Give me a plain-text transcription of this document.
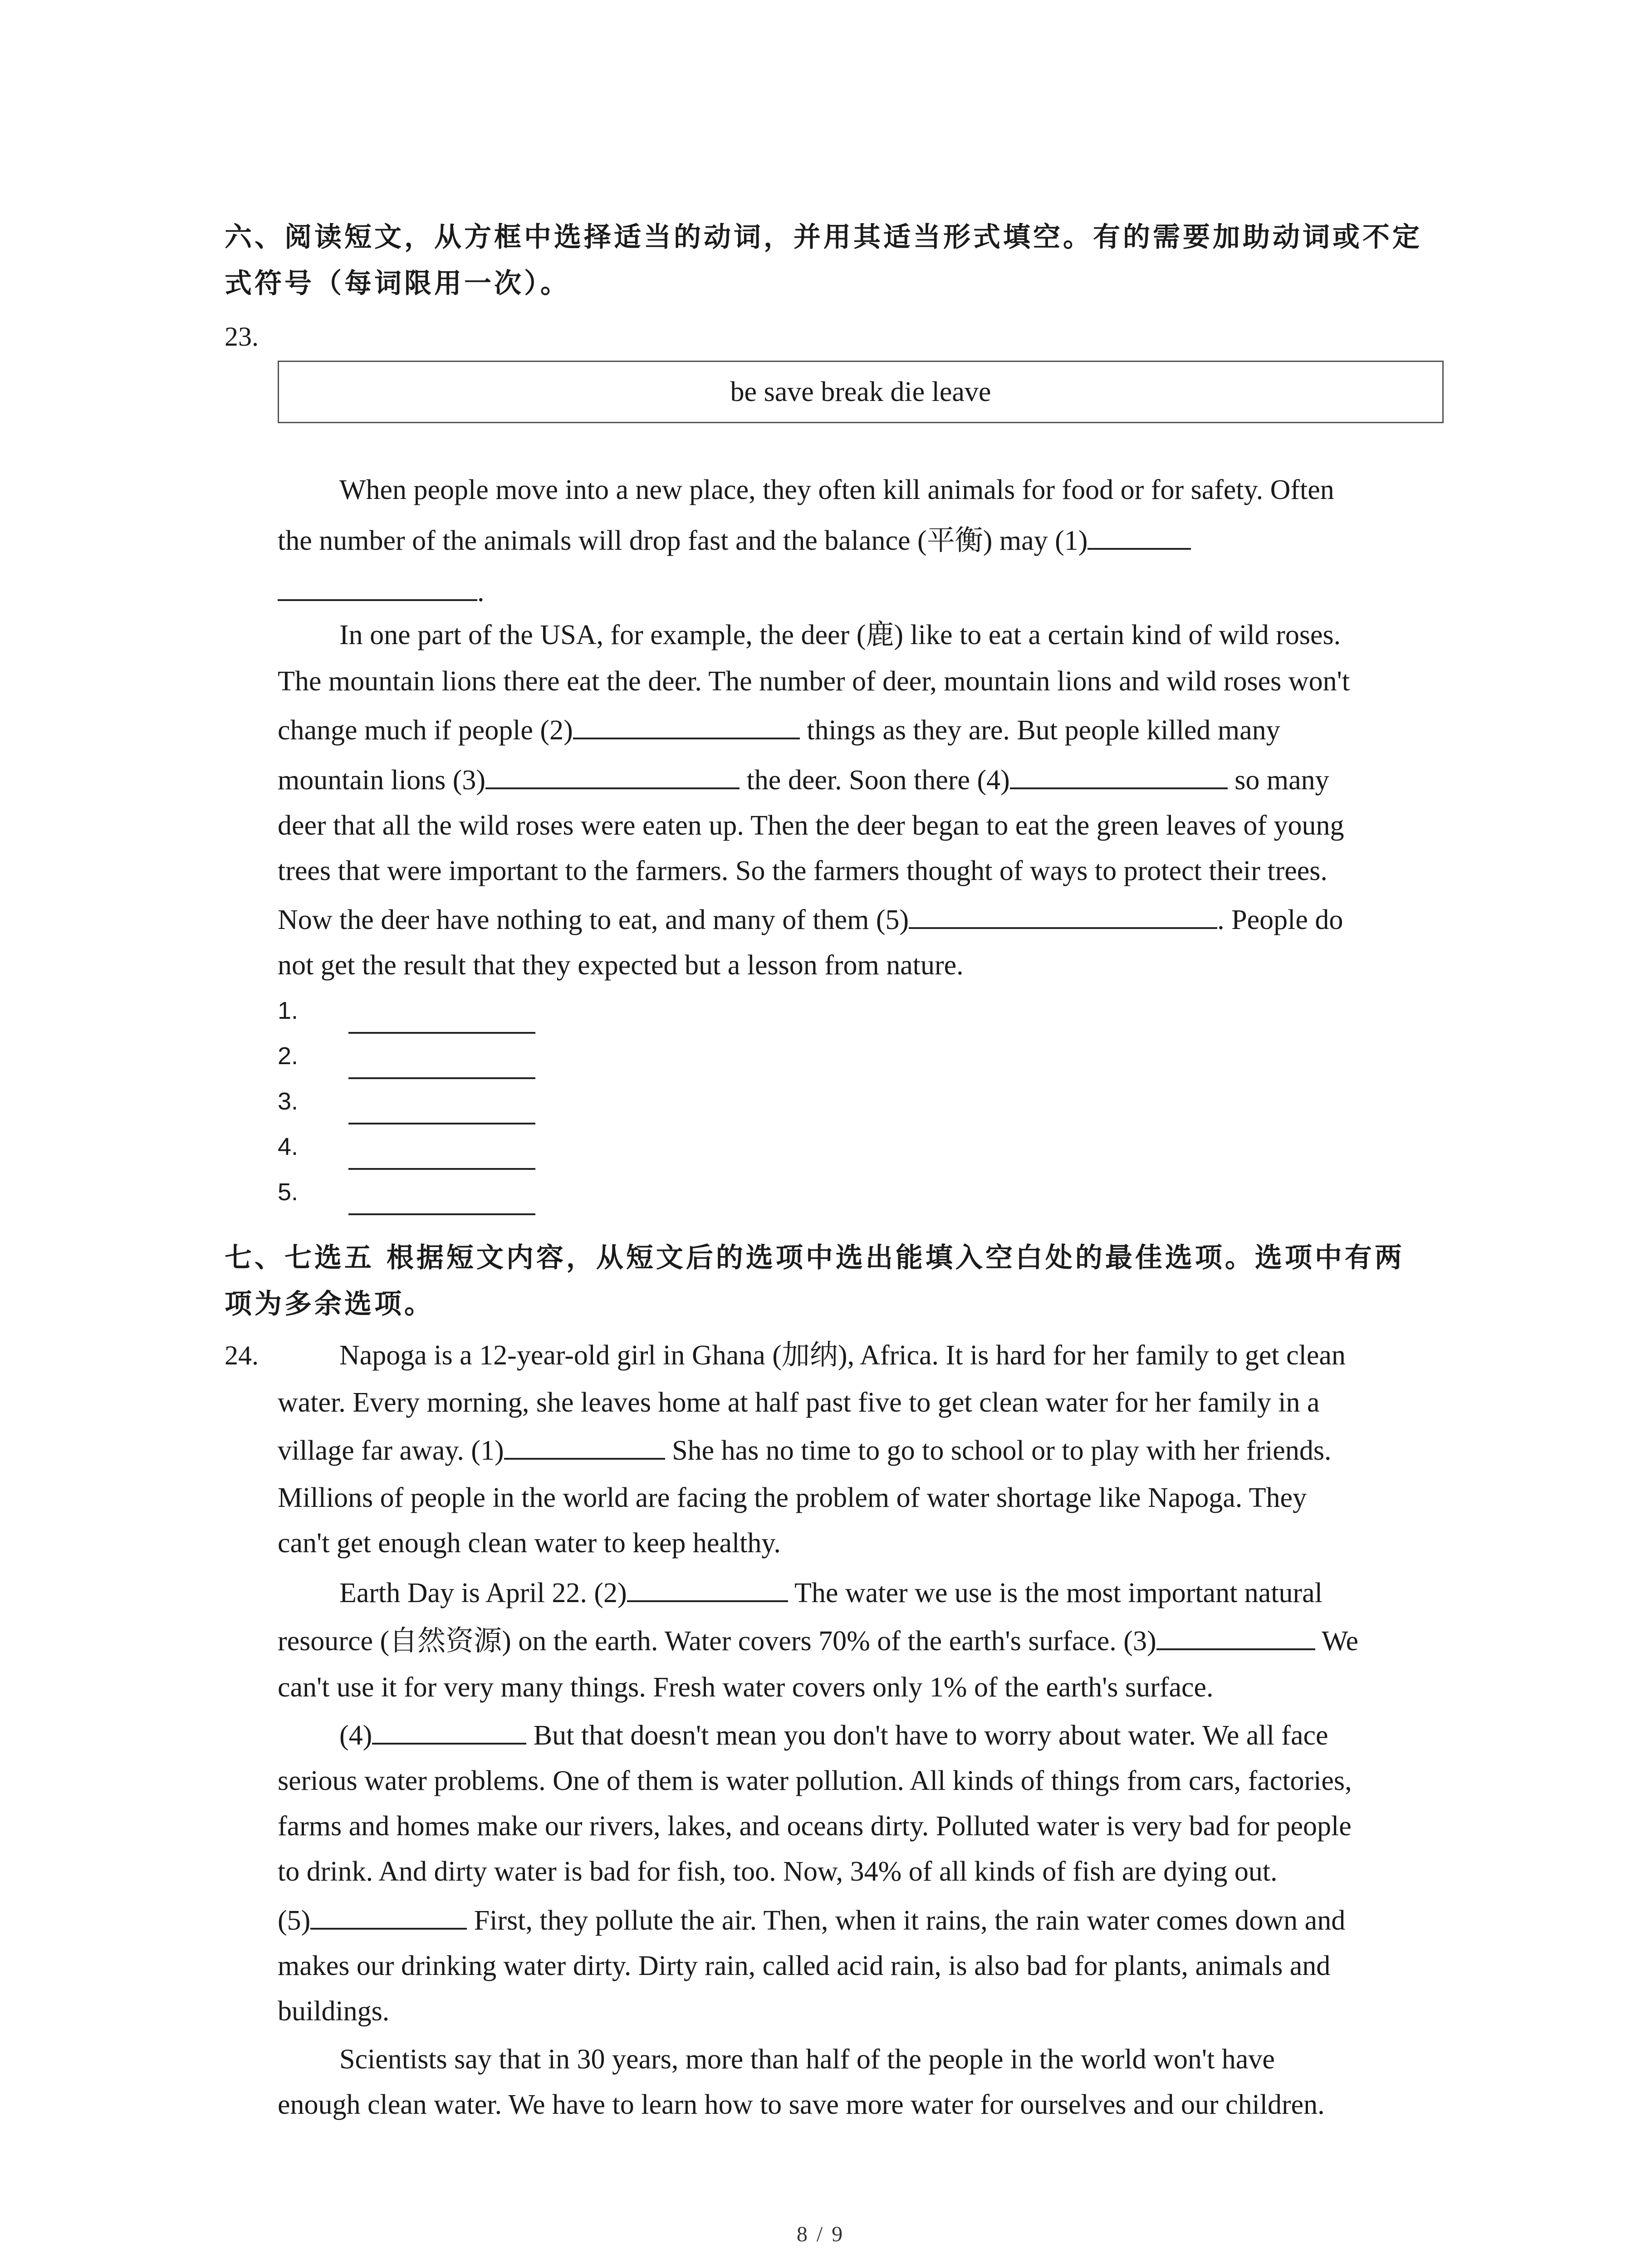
六、阅读短文，从方框中选择适当的动词，并用其适当形式填空。有的需要加助动词或不定

式符号（每词限用一次）。

23.
be save break die leave
When people move into a new place, they often kill animals for food or for safety. Often
the number of the animals will drop fast and the balance (平衡) may (1)
.
In one part of the USA, for example, the deer (鹿) like to eat a certain kind of wild roses.
The mountain lions there eat the deer. The number of deer, mountain lions and wild roses won't
change much if people (2)	things as they are. But people killed many
mountain lions (3)	the deer. Soon there (4)	so many
deer that all the wild roses were eaten up. Then the deer began to eat the green leaves of young
trees that were important to the farmers. So the farmers thought of ways to protect their trees.
Now the deer have nothing to eat, and many of them (5)	. People do
not get the result that they expected but a lesson from nature.
1.
2.
3.
4.
5.

七、七选五 根据短文内容，从短文后的选项中选出能填入空白处的最佳选项。选项中有两

项为多余选项。

24.	Napoga is a 12-year-old girl in Ghana (加纳), Africa. It is hard for her family to get clean
water. Every morning, she leaves home at half past five to get clean water for her family in a
village far away. (1)	She has no time to go to school or to play with her friends.
Millions of people in the world are facing the problem of water shortage like Napoga. They
can't get enough clean water to keep healthy.
Earth Day is April 22. (2)	The water we use is the most important natural
resource (自然资源) on the earth. Water covers 70% of the earth's surface. (3)	We
can't use it for very many things. Fresh water covers only 1% of the earth's surface.
(4)	But that doesn't mean you don't have to worry about water. We all face
serious water problems. One of them is water pollution. All kinds of things from cars, factories,
farms and homes make our rivers, lakes, and oceans dirty. Polluted water is very bad for people
to drink. And dirty water is bad for fish, too. Now, 34% of all kinds of fish are dying out.
(5)	First, they pollute the air. Then, when it rains, the rain water comes down and
makes our drinking water dirty. Dirty rain, called acid rain, is also bad for plants, animals and
buildings.
Scientists say that in 30 years, more than half of the people in the world won't have
enough clean water. We have to learn how to save more water for ourselves and our children.
8 / 9
